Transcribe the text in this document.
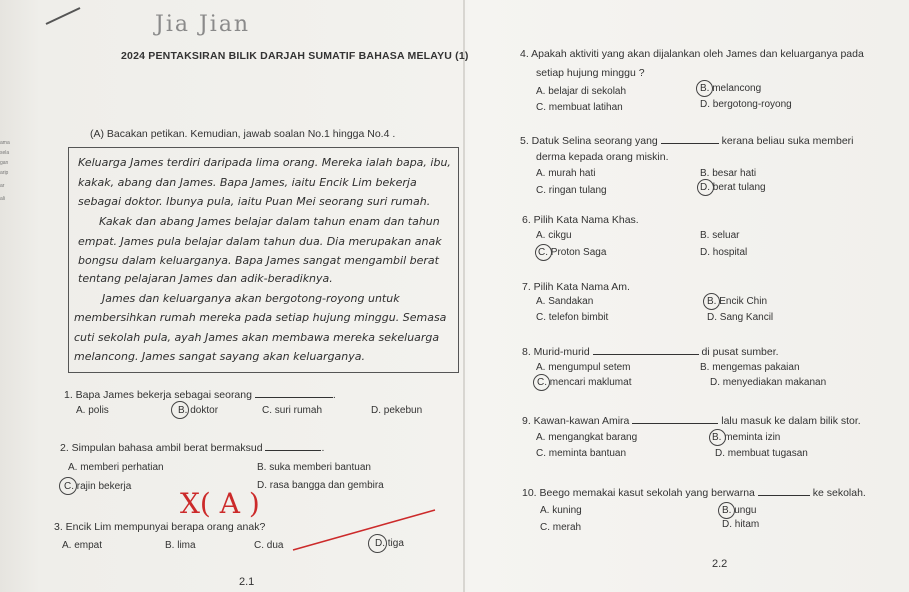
ama
sela
gan
arip
ar
ali
Jia Jian
2024 PENTAKSIRAN BILIK DARJAH SUMATIF BAHASA MELAYU (1)
(A) Bacakan petikan. Kemudian, jawab soalan No.1 hingga No.4 .
Keluarga James terdiri daripada lima orang. Mereka ialah bapa, ibu,
kakak, abang dan James. Bapa James, iaitu Encik Lim bekerja
sebagai doktor. Ibunya pula, iaitu Puan Mei seorang suri rumah.
Kakak dan abang James belajar dalam tahun enam dan tahun
empat. James pula belajar dalam tahun dua. Dia merupakan anak
bongsu dalam keluarganya. Bapa James sangat mengambil berat
tentang pelajaran James dan adik-beradiknya.
James dan keluarganya akan bergotong-royong untuk
membersihkan rumah mereka pada setiap hujung minggu. Semasa
cuti sekolah pula, ayah James akan membawa mereka sekeluarga
melancong. James sangat sayang akan keluarganya.
1. Bapa James bekerja sebagai seorang	.
A. polis	B. doktor	C. suri rumah	D. pekebun
2. Simpulan bahasa ambil berat bermaksud	.
A. memberi perhatian	B. suka memberi bantuan
C. rajin bekerja	D. rasa bangga dan gembira
X( A )
3. Encik Lim mempunyai berapa orang anak?
A. empat	B. lima	C. dua	D. tiga
2.1
4. Apakah aktiviti yang akan dijalankan oleh James dan keluarganya pada
setiap hujung minggu ?
A. belajar di sekolah	B. melancong
C. membuat latihan	D. bergotong-royong
5. Datuk Selina seorang yang	kerana beliau suka memberi
derma kepada orang miskin.
A. murah hati	B. besar hati
C. ringan tulang	D. berat tulang
6. Pilih Kata Nama Khas.
A. cikgu	B. seluar
C. Proton Saga	D. hospital
7. Pilih Kata Nama Am.
A. Sandakan	B. Encik Chin
C. telefon bimbit	D. Sang Kancil
8. Murid-murid	di pusat sumber.
A. mengumpul setem	B. mengemas pakaian
C. mencari maklumat	D. menyediakan makanan
9. Kawan-kawan Amira	lalu masuk ke dalam bilik stor.
A. mengangkat barang	B. meminta izin
C. meminta bantuan	D. membuat tugasan
10. Beego memakai kasut sekolah yang berwarna	ke sekolah.
A. kuning	B. ungu
C. merah	D. hitam
2.2
